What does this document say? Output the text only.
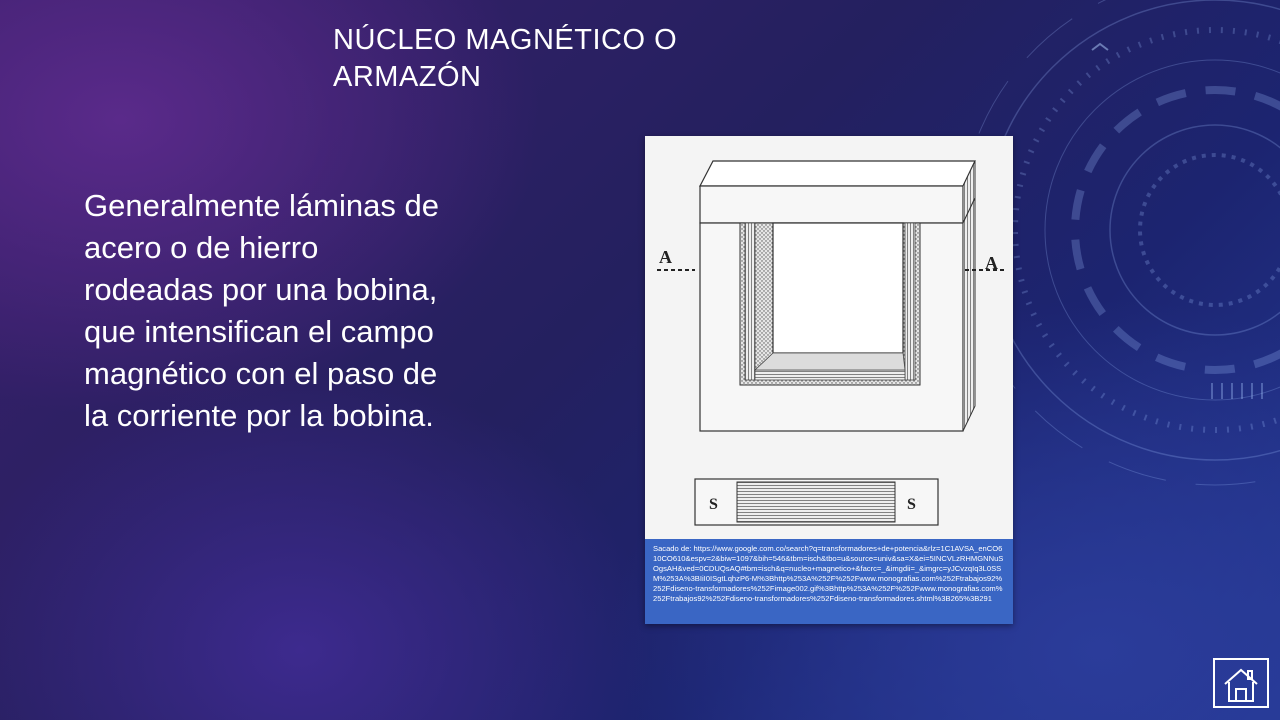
NÚCLEO MAGNÉTICO O ARMAZÓN

Generalmente láminas de acero o de hierro rodeadas por una bobina, que intensifican el campo magnético con el paso de la corriente por la bobina.

A	A
S	S
Sacado de: https://www.google.com.co/search?q=transformadores+de+potencia&rlz=1C1AVSA_enCO610CO610&espv=2&biw=1097&bih=546&tbm=isch&tbo=u&source=univ&sa=X&ei=5INCVLzRHMGNNuSOgsAH&ved=0CDUQsAQ#tbm=isch&q=nucleo+magnetico+&facrc=_&imgdii=_&imgrc=yJCvzqIq3L0SSM%253A%3BIiI0ISgtLqhzP6-M%3Bhttp%253A%252F%252Fwww.monografias.com%252Ftrabajos92%252Fdiseno-transformadores%252Fimage002.gif%3Bhttp%253A%252F%252Fwww.monografias.com%252Ftrabajos92%252Fdiseno-transformadores%252Fdiseno-transformadores.shtml%3B265%3B291
